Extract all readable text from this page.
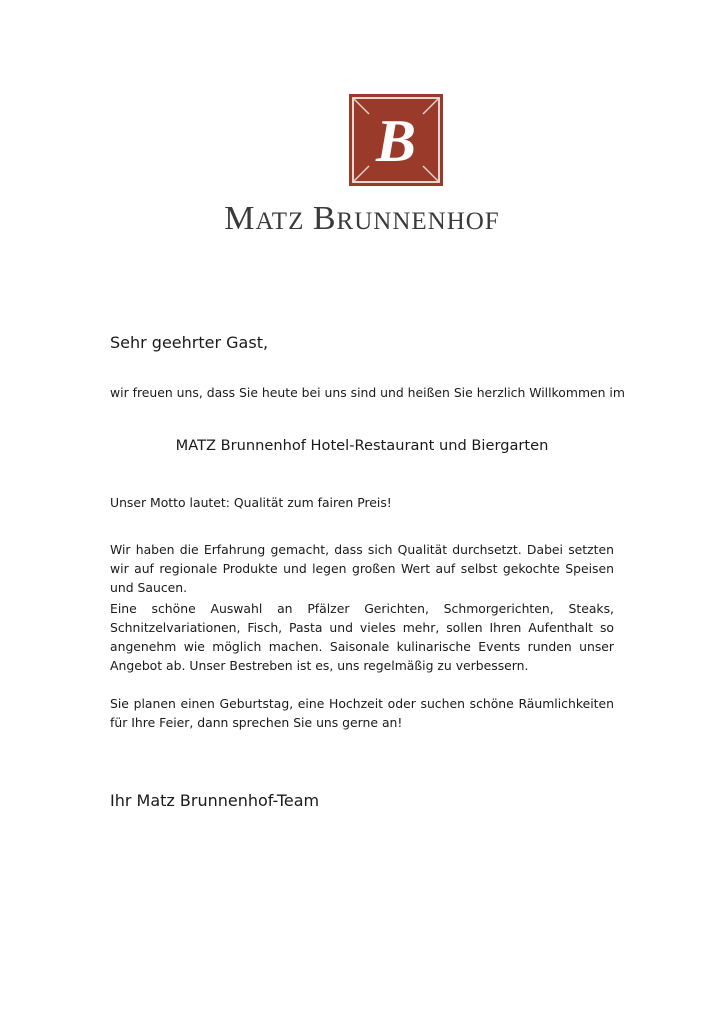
B
MATZ BRUNNENHOF
Sehr geehrter Gast,
wir freuen uns, dass Sie heute bei uns sind und heißen Sie herzlich Willkommen im
MATZ Brunnenhof Hotel-Restaurant und Biergarten
Unser Motto lautet: Qualität zum fairen Preis!
Wir haben die Erfahrung gemacht, dass sich Qualität durchsetzt. Dabei setzten wir auf regionale Produkte und legen großen Wert auf selbst gekochte Speisen und Saucen.
Eine schöne Auswahl an Pfälzer Gerichten, Schmorgerichten, Steaks, Schnitzelvariationen, Fisch, Pasta und vieles mehr, sollen Ihren Aufenthalt so angenehm wie möglich machen. Saisonale kulinarische Events runden unser Angebot ab. Unser Bestreben ist es, uns regelmäßig zu verbessern.
Sie planen einen Geburtstag, eine Hochzeit oder suchen schöne Räumlichkeiten für Ihre Feier, dann sprechen Sie uns gerne an!
Ihr Matz Brunnenhof-Team
